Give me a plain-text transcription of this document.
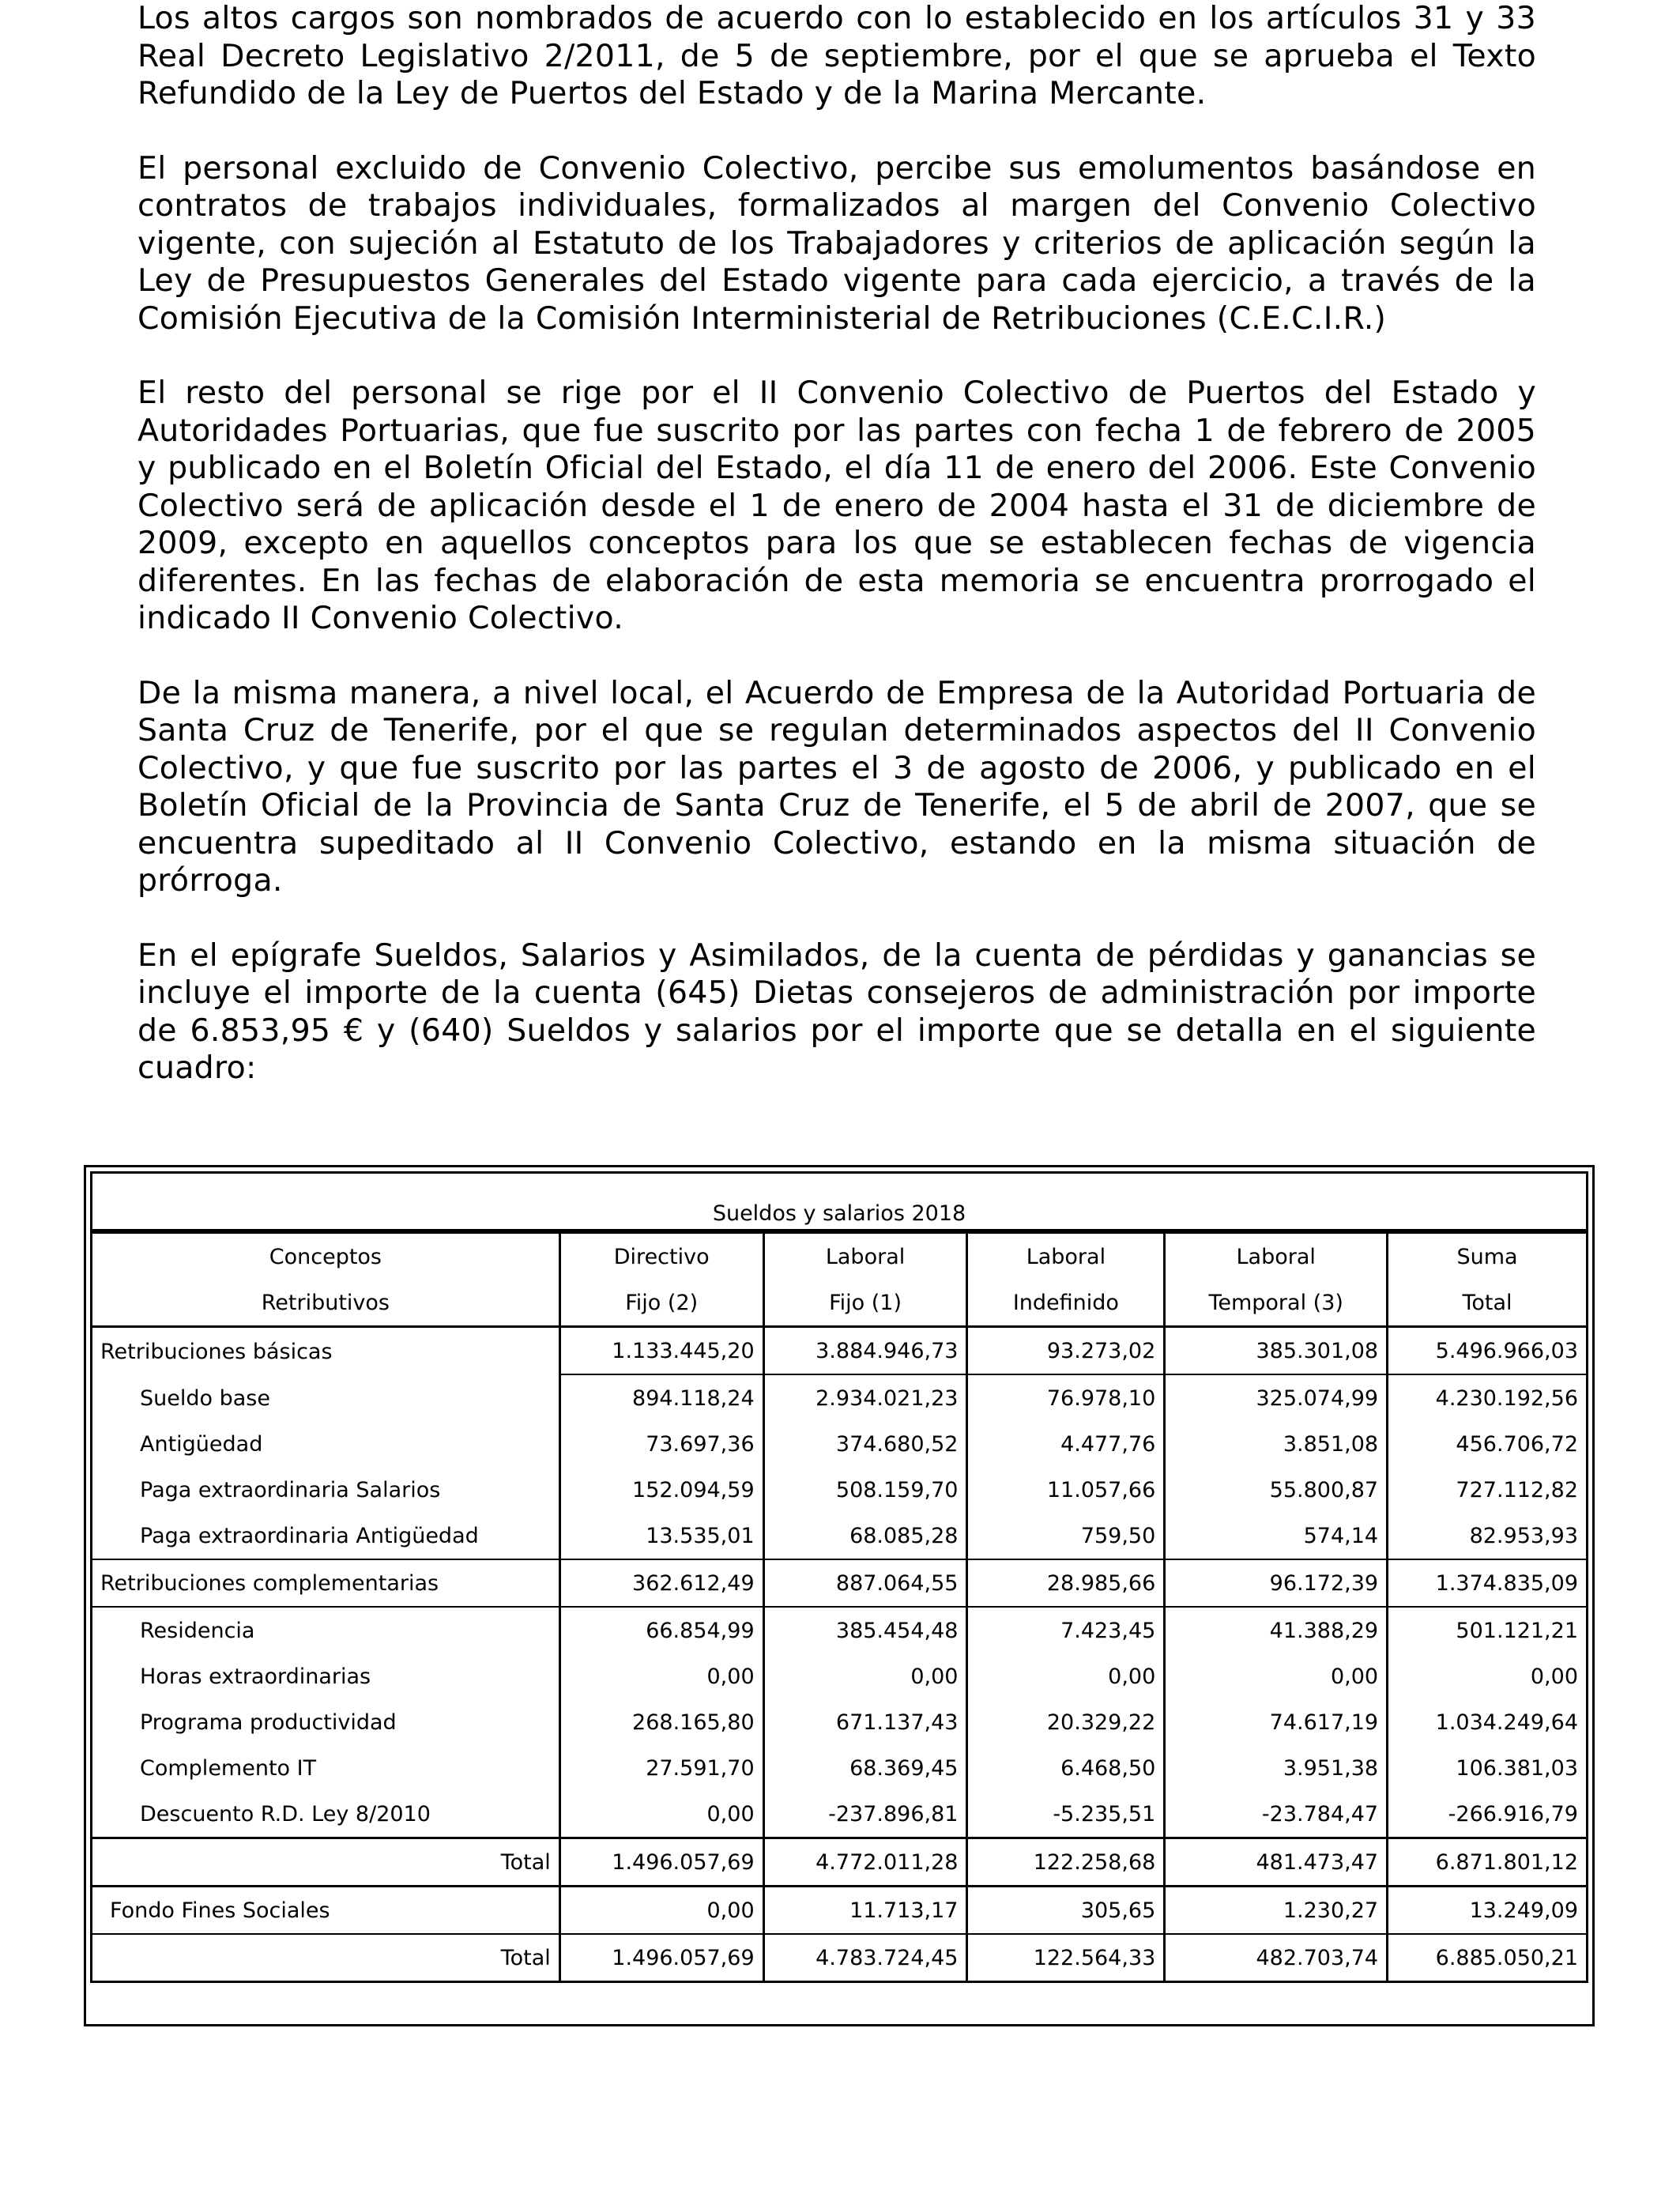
Los altos cargos son nombrados de acuerdo con lo establecido en los artículos 31 y 33 Real Decreto Legislativo 2/2011, de 5 de septiembre, por el que se aprueba el Texto Refundido de la Ley de Puertos del Estado y de la Marina Mercante.

El personal excluido de Convenio Colectivo, percibe sus emolumentos basándose en contratos de trabajos individuales, formalizados al margen del Convenio Colectivo vigente, con sujeción al Estatuto de los Trabajadores y criterios de aplicación según la Ley de Presupuestos Generales del Estado vigente para cada ejercicio, a través de la Comisión Ejecutiva de la Comisión Interministerial de Retribuciones (C.E.C.I.R.)

El resto del personal se rige por el II Convenio Colectivo de Puertos del Estado y Autoridades Portuarias, que fue suscrito por las partes con fecha 1 de febrero de 2005 y publicado en el Boletín Oficial del Estado, el día 11 de enero del 2006. Este Convenio Colectivo será de aplicación desde el 1 de enero de 2004 hasta el 31 de diciembre de 2009, excepto en aquellos conceptos para los que se establecen fechas de vigencia diferentes. En las fechas de elaboración de esta memoria se encuentra prorrogado el indicado II Convenio Colectivo.

De la misma manera, a nivel local, el Acuerdo de Empresa de la Autoridad Portuaria de Santa Cruz de Tenerife, por el que se regulan determinados aspectos del II Convenio Colectivo, y que fue suscrito por las partes el 3 de agosto de 2006, y publicado en el Boletín Oficial de la Provincia de Santa Cruz de Tenerife, el 5 de abril de 2007, que se encuentra supeditado al II Convenio Colectivo, estando en la misma situación de prórroga.

En el epígrafe Sueldos, Salarios y Asimilados, de la cuenta de pérdidas y ganancias se incluye el importe de la cuenta (645) Dietas consejeros de administración por importe de 6.853,95 € y (640) Sueldos y salarios por el importe que se detalla en el siguiente cuadro:

Sueldos y salarios 2018					
Conceptos	Directivo	Laboral	Laboral	Laboral	Suma
Retributivos	Fijo (2)	Fijo (1)	Indefinido	Temporal (3)	Total
Retribuciones básicas	1.133.445,20	3.884.946,73	93.273,02	385.301,08	5.496.966,03
Sueldo base	894.118,24	2.934.021,23	76.978,10	325.074,99	4.230.192,56
Antigüedad	73.697,36	374.680,52	4.477,76	3.851,08	456.706,72
Paga extraordinaria Salarios	152.094,59	508.159,70	11.057,66	55.800,87	727.112,82
Paga extraordinaria Antigüedad	13.535,01	68.085,28	759,50	574,14	82.953,93
Retribuciones complementarias	362.612,49	887.064,55	28.985,66	96.172,39	1.374.835,09
Residencia	66.854,99	385.454,48	7.423,45	41.388,29	501.121,21
Horas extraordinarias	0,00	0,00	0,00	0,00	0,00
Programa productividad	268.165,80	671.137,43	20.329,22	74.617,19	1.034.249,64
Complemento IT	27.591,70	68.369,45	6.468,50	3.951,38	106.381,03
Descuento R.D. Ley 8/2010	0,00	-237.896,81	-5.235,51	-23.784,47	-266.916,79
Total	1.496.057,69	4.772.011,28	122.258,68	481.473,47	6.871.801,12
Fondo Fines Sociales	0,00	11.713,17	305,65	1.230,27	13.249,09
Total	1.496.057,69	4.783.724,45	122.564,33	482.703,74	6.885.050,21
